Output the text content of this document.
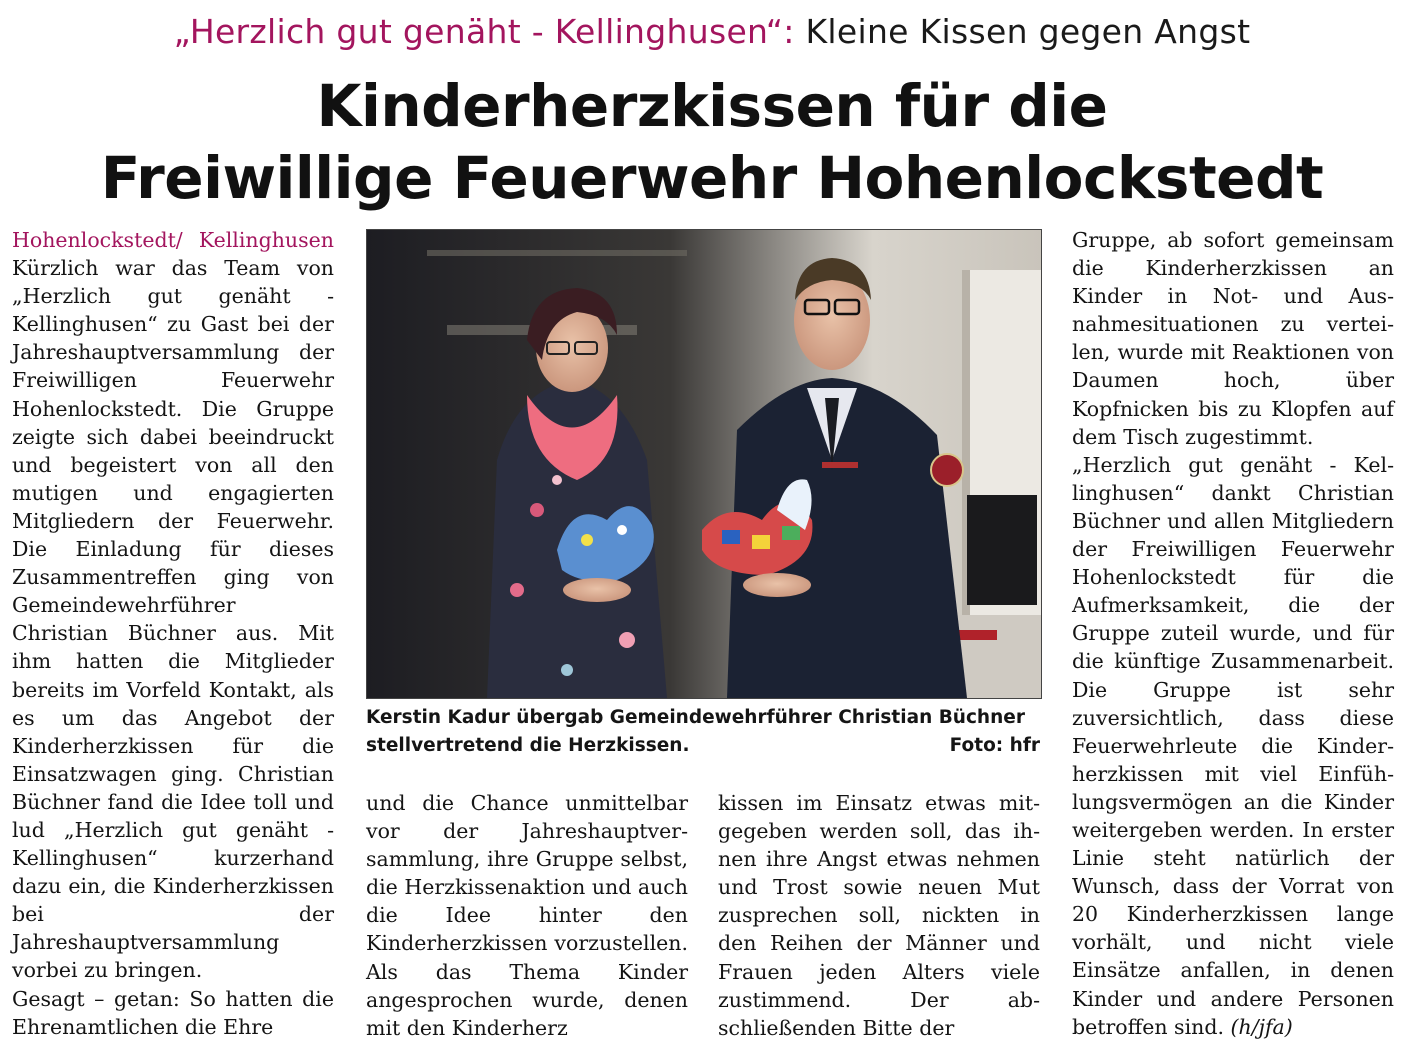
„Herzlich gut genäht - Kellinghusen“: Kleine Kissen gegen Angst
Kinderherzkissen für die
Freiwillige Feuerwehr Hohenlockstedt

Hohenlockstedt/ Kellinghusen Kürzlich war das Team von „Herzlich gut genäht - Kellinghusen“ zu Gast bei der Jahreshauptversammlung der Freiwilligen Feuerwehr Hohenlockstedt. Die Gruppe zeigte sich dabei beeindruckt und begeistert von all den mutigen und engagierten Mitgliedern der Feuerwehr. Die Einladung für dieses Zusammentreffen ging von Gemeindewehrführer Christian Büchner aus. Mit ihm hatten die Mitglieder bereits im Vorfeld Kontakt, als es um das Angebot der Kinderherzkissen für die Einsatzwagen ging. Christian Büchner fand die Idee toll und lud „Herzlich gut genäht - Kellinghusen“ kurzerhand dazu ein, die Kinderherzkissen bei der Jahreshauptversammlung vorbei zu bringen.

Gesagt – getan: So hatten die Ehrenamtlichen die Ehre

Kerstin Kadur übergab Gemeindewehrführer Christian Büchner stellvertretend die Herzkissen.	Foto: hfr

und die Chance unmittelbar vor der Jahreshauptversammlung, ihre Gruppe selbst, die Herzkissenaktion und auch die Idee hinter den Kinderherzkissen vorzustellen. Als das Thema Kinder angesprochen wurde, denen mit den Kinderherz

kissen im Einsatz etwas mitgegeben werden soll, das ihnen ihre Angst etwas nehmen und Trost sowie neuen Mut zusprechen soll, nickten in den Reihen der Männer und Frauen jeden Alters viele zustimmend. Der abschließenden Bitte der

Gruppe, ab sofort gemeinsam die Kinderherzkissen an Kinder in Not- und Ausnahmesituationen zu verteilen, wurde mit Reaktionen von Daumen hoch, über Kopfnicken bis zu Klopfen auf dem Tisch zugestimmt.

„Herzlich gut genäht - Kellinghusen“ dankt Christian Büchner und allen Mitgliedern der Freiwilligen Feuerwehr Hohenlockstedt für die Aufmerksamkeit, die der Gruppe zuteil wurde, und für die künftige Zusammenarbeit. Die Gruppe ist sehr zuversichtlich, dass diese Feuerwehrleute die Kinderherzkissen mit viel Einfühlungsvermögen an die Kinder weitergeben werden. In erster Linie steht natürlich der Wunsch, dass der Vorrat von 20 Kinderherzkissen lange vorhält, und nicht viele Einsätze anfallen, in denen Kinder und andere Personen betroffen sind. (h/jfa)
